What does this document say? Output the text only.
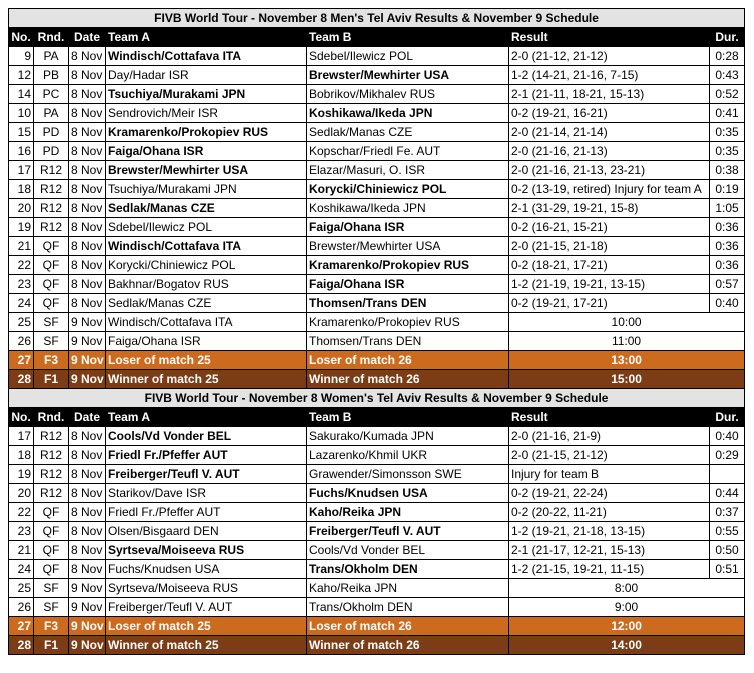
FIVB World Tour - November 8 Men's Tel Aviv Results & November 9 Schedule						
No.	Rnd.	Date	Team A	Team B	Result	Dur.
9	PA	8 Nov	Windisch/Cottafava ITA	Sdebel/Ilewicz POL	2-0 (21-12, 21-12)	0:28
12	PB	8 Nov	Day/Hadar ISR	Brewster/Mewhirter USA	1-2 (14-21, 21-16, 7-15)	0:43
14	PC	8 Nov	Tsuchiya/Murakami JPN	Bobrikov/Mikhalev RUS	2-1 (21-11, 18-21, 15-13)	0:52
10	PA	8 Nov	Sendrovich/Meir ISR	Koshikawa/Ikeda JPN	0-2 (19-21, 16-21)	0:41
15	PD	8 Nov	Kramarenko/Prokopiev RUS	Sedlak/Manas CZE	2-0 (21-14, 21-14)	0:35
16	PD	8 Nov	Faiga/Ohana ISR	Kopschar/Friedl Fe. AUT	2-0 (21-16, 21-13)	0:35
17	R12	8 Nov	Brewster/Mewhirter USA	Elazar/Masuri, O. ISR	2-0 (21-16, 21-13, 23-21)	0:38
18	R12	8 Nov	Tsuchiya/Murakami JPN	Korycki/Chiniewicz POL	0-2 (13-19, retired) Injury for team A	0:19
20	R12	8 Nov	Sedlak/Manas CZE	Koshikawa/Ikeda JPN	2-1 (31-29, 19-21, 15-8)	1:05
19	R12	8 Nov	Sdebel/Ilewicz POL	Faiga/Ohana ISR	0-2 (16-21, 15-21)	0:36
21	QF	8 Nov	Windisch/Cottafava ITA	Brewster/Mewhirter USA	2-0 (21-15, 21-18)	0:36
22	QF	8 Nov	Korycki/Chiniewicz POL	Kramarenko/Prokopiev RUS	0-2 (18-21, 17-21)	0:36
23	QF	8 Nov	Bakhnar/Bogatov RUS	Faiga/Ohana ISR	1-2 (21-19, 19-21, 13-15)	0:57
24	QF	8 Nov	Sedlak/Manas CZE	Thomsen/Trans DEN	0-2 (19-21, 17-21)	0:40
25	SF	9 Nov	Windisch/Cottafava ITA	Kramarenko/Prokopiev RUS	10:00	
26	SF	9 Nov	Faiga/Ohana ISR	Thomsen/Trans DEN	11:00	
27	F3	9 Nov	Loser of match 25	Loser of match 26	13:00	
28	F1	9 Nov	Winner of match 25	Winner of match 26	15:00	
FIVB World Tour - November 8 Women's Tel Aviv Results & November 9 Schedule						
No.	Rnd.	Date	Team A	Team B	Result	Dur.
17	R12	8 Nov	Cools/Vd Vonder BEL	Sakurako/Kumada JPN	2-0 (21-16, 21-9)	0:40
18	R12	8 Nov	Friedl Fr./Pfeffer AUT	Lazarenko/Khmil UKR	2-0 (21-15, 21-12)	0:29
19	R12	8 Nov	Freiberger/Teufl V. AUT	Grawender/Simonsson SWE	Injury for team B	
20	R12	8 Nov	Starikov/Dave ISR	Fuchs/Knudsen USA	0-2 (19-21, 22-24)	0:44
22	QF	8 Nov	Friedl Fr./Pfeffer AUT	Kaho/Reika JPN	0-2 (20-22, 11-21)	0:37
23	QF	8 Nov	Olsen/Bisgaard DEN	Freiberger/Teufl V. AUT	1-2 (19-21, 21-18, 13-15)	0:55
21	QF	8 Nov	Syrtseva/Moiseeva RUS	Cools/Vd Vonder BEL	2-1 (21-17, 12-21, 15-13)	0:50
24	QF	8 Nov	Fuchs/Knudsen USA	Trans/Okholm DEN	1-2 (21-15, 19-21, 11-15)	0:51
25	SF	9 Nov	Syrtseva/Moiseeva RUS	Kaho/Reika JPN	8:00	
26	SF	9 Nov	Freiberger/Teufl V. AUT	Trans/Okholm DEN	9:00	
27	F3	9 Nov	Loser of match 25	Loser of match 26	12:00	
28	F1	9 Nov	Winner of match 25	Winner of match 26	14:00	
